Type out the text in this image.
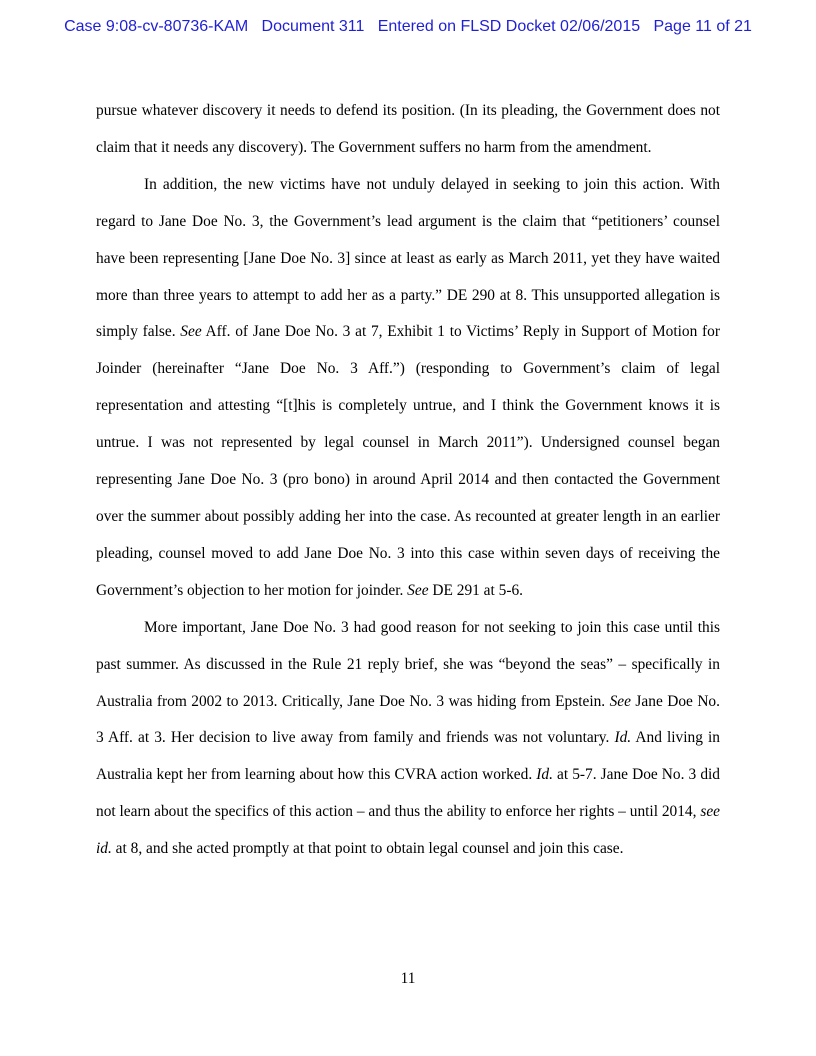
Case 9:08-cv-80736-KAM Document 311 Entered on FLSD Docket 02/06/2015 Page 11 of 21

pursue whatever discovery it needs to defend its position. (In its pleading, the Government does not claim that it needs any discovery). The Government suffers no harm from the amendment.

In addition, the new victims have not unduly delayed in seeking to join this action. With regard to Jane Doe No. 3, the Government’s lead argument is the claim that “petitioners’ counsel have been representing [Jane Doe No. 3] since at least as early as March 2011, yet they have waited more than three years to attempt to add her as a party.” DE 290 at 8. This unsupported allegation is simply false. See Aff. of Jane Doe No. 3 at 7, Exhibit 1 to Victims’ Reply in Support of Motion for Joinder (hereinafter “Jane Doe No. 3 Aff.”) (responding to Government’s claim of legal representation and attesting “[t]his is completely untrue, and I think the Government knows it is untrue. I was not represented by legal counsel in March 2011”). Undersigned counsel began representing Jane Doe No. 3 (pro bono) in around April 2014 and then contacted the Government over the summer about possibly adding her into the case. As recounted at greater length in an earlier pleading, counsel moved to add Jane Doe No. 3 into this case within seven days of receiving the Government’s objection to her motion for joinder. See DE 291 at 5-6.

More important, Jane Doe No. 3 had good reason for not seeking to join this case until this past summer. As discussed in the Rule 21 reply brief, she was “beyond the seas” – specifically in Australia from 2002 to 2013. Critically, Jane Doe No. 3 was hiding from Epstein. See Jane Doe No. 3 Aff. at 3. Her decision to live away from family and friends was not voluntary. Id. And living in Australia kept her from learning about how this CVRA action worked. Id. at 5-7. Jane Doe No. 3 did not learn about the specifics of this action – and thus the ability to enforce her rights – until 2014, see id. at 8, and she acted promptly at that point to obtain legal counsel and join this case.

11
